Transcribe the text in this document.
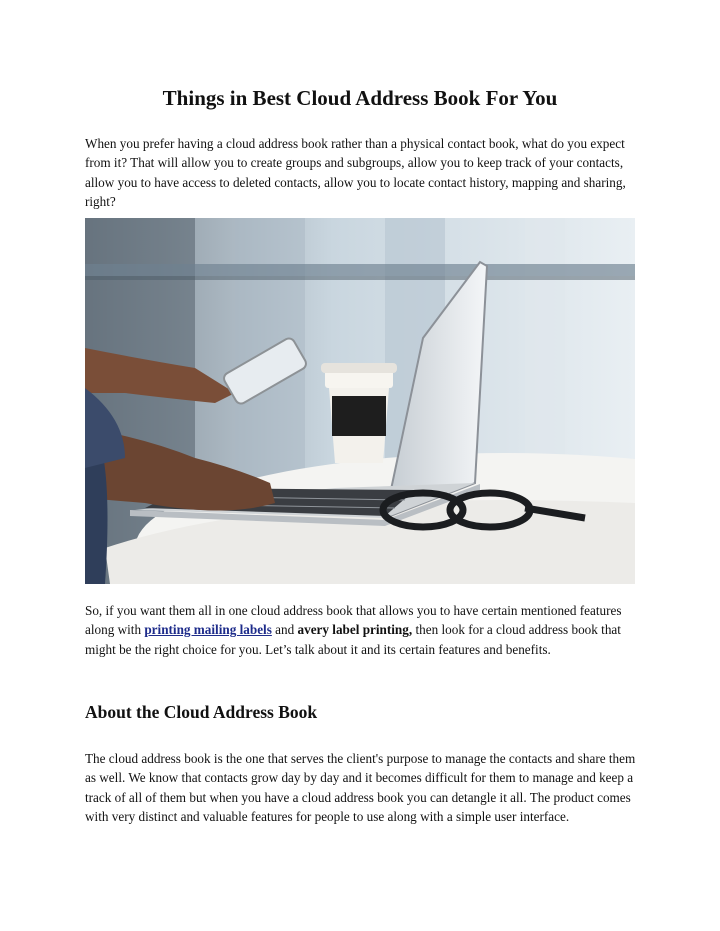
Things in Best Cloud Address Book For You

When you prefer having a cloud address book rather than a physical contact book, what do you expect from it? That will allow you to create groups and subgroups, allow you to keep track of your contacts, allow you to have access to deleted contacts, allow you to locate contact history, mapping and sharing, right?

So, if you want them all in one cloud address book that allows you to have certain mentioned features along with printing mailing labels and avery label printing, then look for a cloud address book that might be the right choice for you. Let’s talk about it and its certain features and benefits.

About the Cloud Address Book

The cloud address book is the one that serves the client's purpose to manage the contacts and share them as well. We know that contacts grow day by day and it becomes difficult for them to manage and keep a track of all of them but when you have a cloud address book you can detangle it all. The product comes with very distinct and valuable features for people to use along with a simple user interface.
